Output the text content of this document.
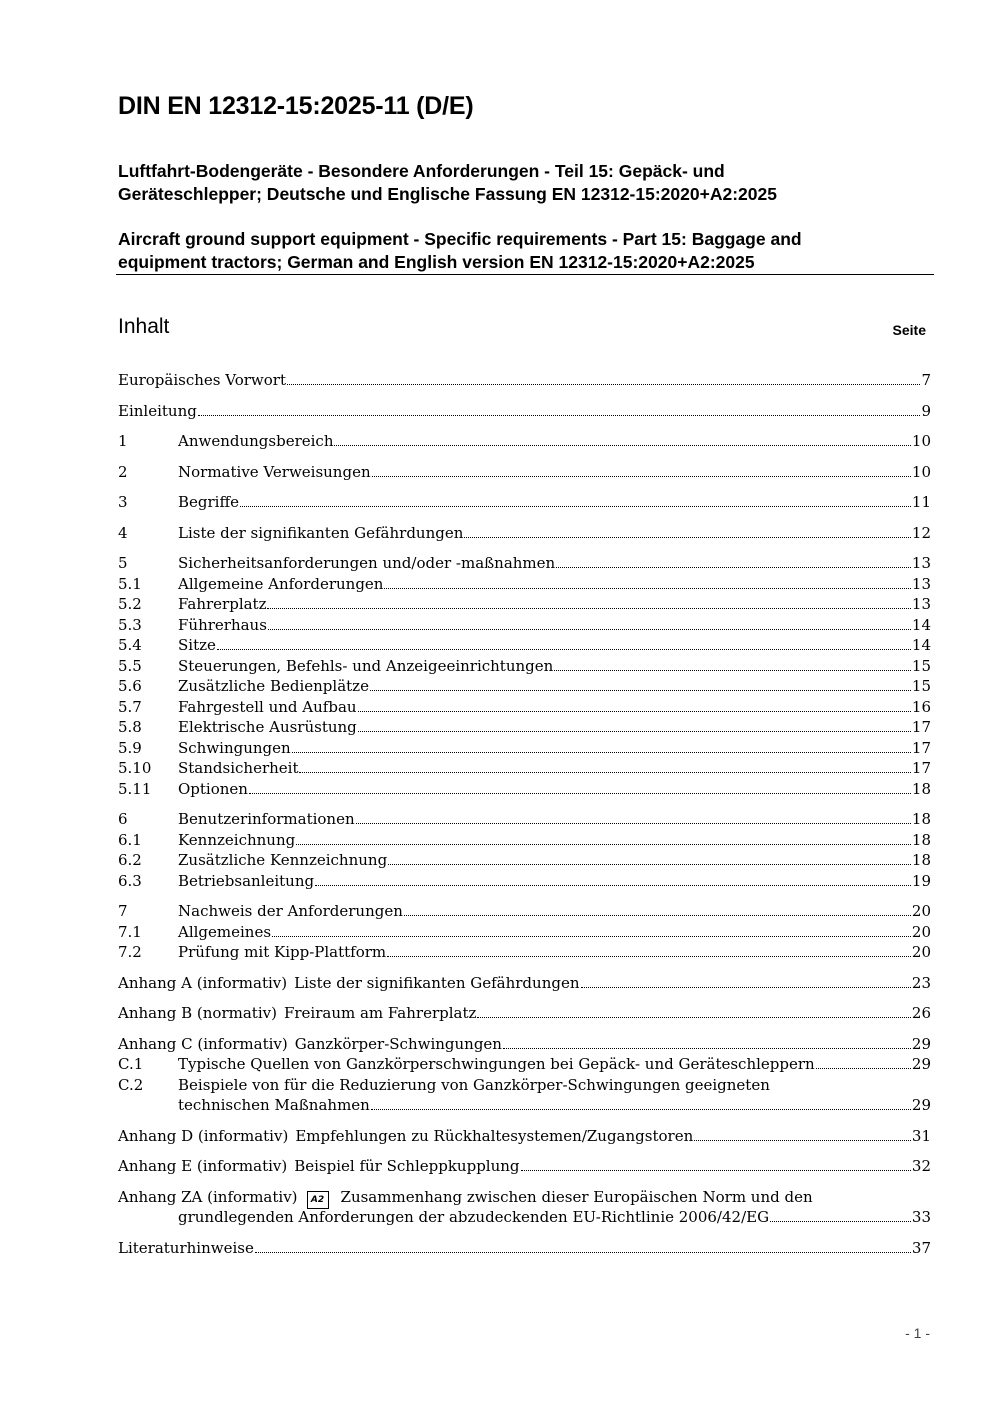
DIN EN 12312-15:2025-11 (D/E)
Luftfahrt-Bodengeräte - Besondere Anforderungen - Teil 15: Gepäck- und
Geräteschlepper; Deutsche und Englische Fassung EN 12312-15:2020+A2:2025
Aircraft ground support equipment - Specific requirements - Part 15: Baggage and
equipment tractors; German and English version EN 12312-15:2020+A2:2025
Inhalt	Seite
Europäisches Vorwort	7
Einleitung	9
1	Anwendungsbereich	10
2	Normative Verweisungen	10
3	Begriffe	11
4	Liste der signifikanten Gefährdungen	12
5	Sicherheitsanforderungen und/oder -maßnahmen	13
5.1	Allgemeine Anforderungen	13
5.2	Fahrerplatz	13
5.3	Führerhaus	14
5.4	Sitze	14
5.5	Steuerungen, Befehls- und Anzeigeeinrichtungen	15
5.6	Zusätzliche Bedienplätze	15
5.7	Fahrgestell und Aufbau	16
5.8	Elektrische Ausrüstung	17
5.9	Schwingungen	17
5.10	Standsicherheit	17
5.11	Optionen	18
6	Benutzerinformationen	18
6.1	Kennzeichnung	18
6.2	Zusätzliche Kennzeichnung	18
6.3	Betriebsanleitung	19
7	Nachweis der Anforderungen	20
7.1	Allgemeines	20
7.2	Prüfung mit Kipp-Plattform	20
Anhang A (informativ) Liste der signifikanten Gefährdungen	23
Anhang B (normativ) Freiraum am Fahrerplatz	26
Anhang C (informativ) Ganzkörper-Schwingungen	29
C.1	Typische Quellen von Ganzkörperschwingungen bei Gepäck- und Geräteschleppern	29
C.2	Beispiele von für die Reduzierung von Ganzkörper-Schwingungen geeigneten
technischen Maßnahmen	29
Anhang D (informativ) Empfehlungen zu Rückhaltesystemen/Zugangstoren	31
Anhang E (informativ) Beispiel für Schleppkupplung	32
Anhang ZA (informativ)	A2 Zusammenhang zwischen dieser Europäischen Norm und den
grundlegenden Anforderungen der abzudeckenden EU-Richtlinie 2006/42/EG	33
Literaturhinweise	37
- 1 -
